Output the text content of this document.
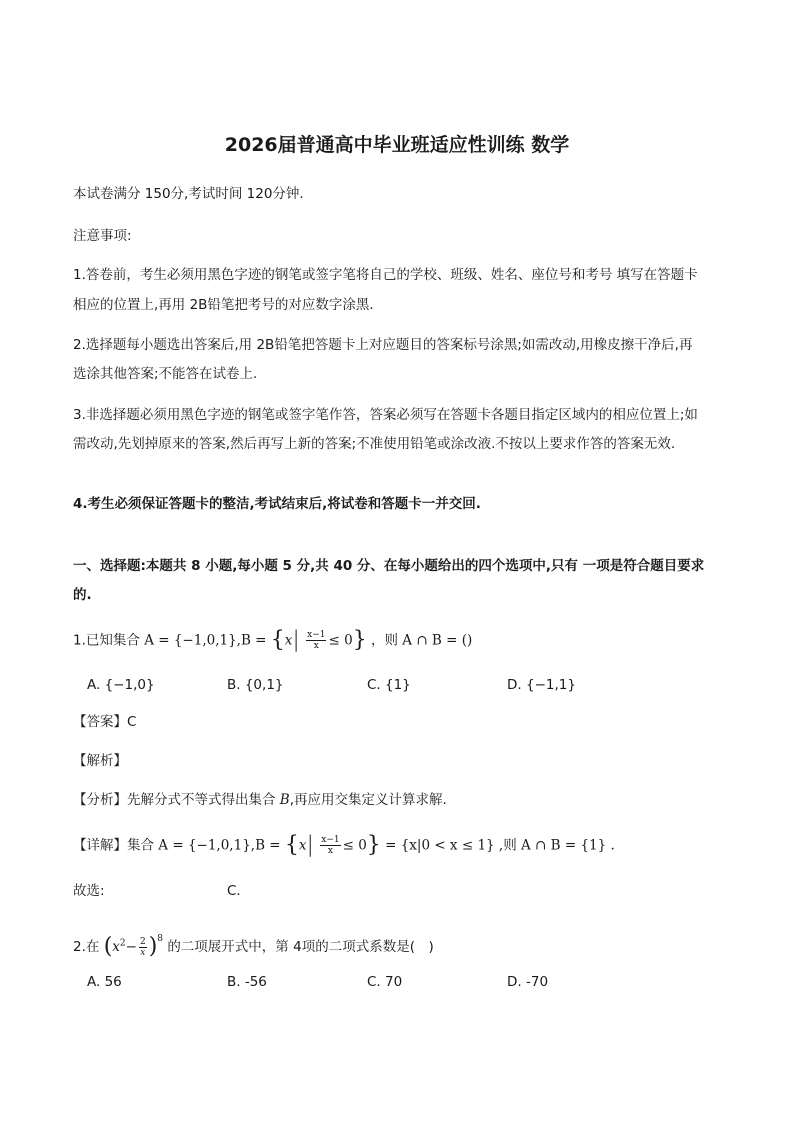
2026届普通高中毕业班适应性训练 数学
本试卷满分 150分,考试时间 120分钟.
注意事项:
1.答卷前，考生必须用黑色字迹的钢笔或签字笔将自己的学校、班级、姓名、座位号和考号 填写在答题卡
相应的位置上,再用 2B铅笔把考号的对应数字涂黑.
2.选择题每小题选出答案后,用 2B铅笔把答题卡上对应题目的答案标号涂黑;如需改动,用橡皮擦干净后,再
选涂其他答案;不能答在试卷上.
3.非选择题必须用黑色字迹的钢笔或签字笔作答，答案必须写在答题卡各题目指定区域内的相应位置上;如
需改动,先划掉原来的答案,然后再写上新的答案;不准使用铅笔或涂改液.不按以上要求作答的答案无效.
4.考生必须保证答题卡的整洁,考试结束后,将试卷和答题卡一并交回.
一、选择题:本题共 8 小题,每小题 5 分,共 40 分、在每小题给出的四个选项中,只有 一项是符合题目要求
的.
1.已知集合 $A = \{-1,0,1\},B = \{x| \frac{x-1}{x} \le 0\}$ ，则 A ∩ B = ()
A. {−1,0}	B. {0,1}	C. {1}	D. {−1,1}
【答案】C
【解析】
【分析】先解分式不等式得出集合 B,再应用交集定义计算求解.
【详解】集合 $A = \{-1,0,1\},B = \{x| \frac{x-1}{x} \le 0\} = \{x|0 < x \le 1\}$ ,则 A ∩ B = {1} .
故选:	C.
2.在 $(x^2- \frac{2}{x} )^8$ 的二项展开式中，第 4项的二项式系数是(　)
A. 56	B. -56	C. 70	D. -70
